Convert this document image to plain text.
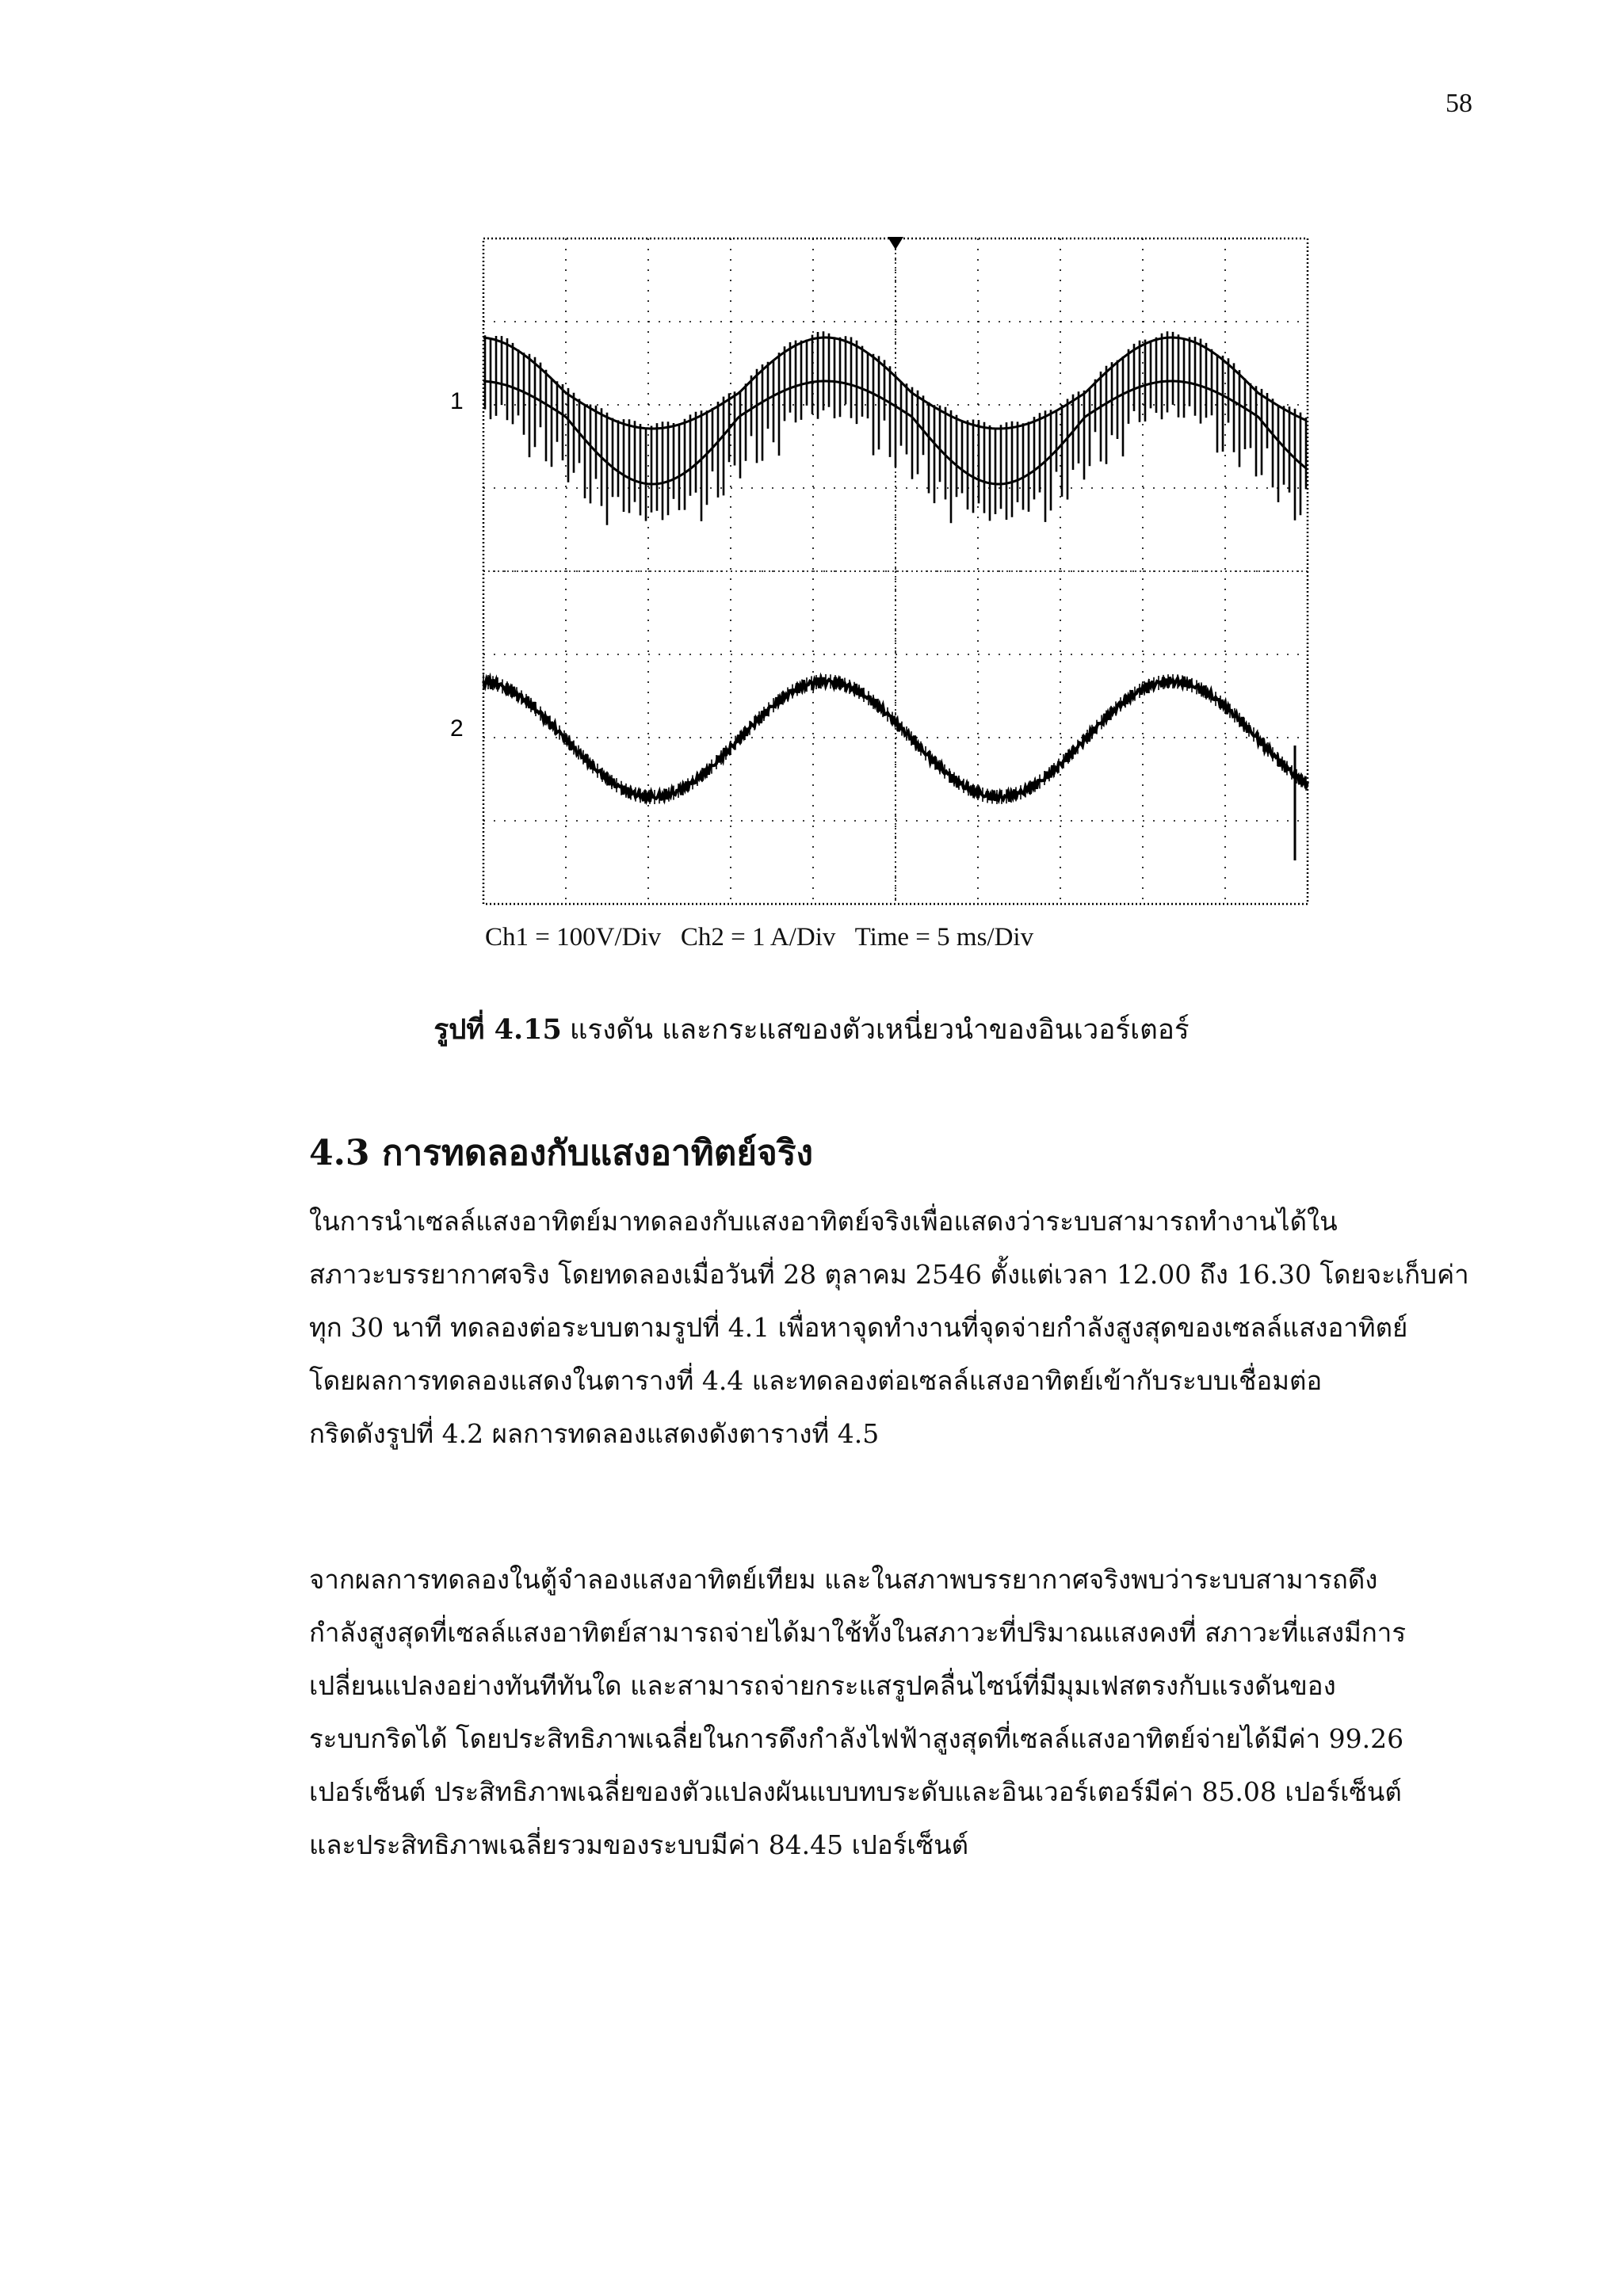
58
1
2
Ch1 = 100V/Div   Ch2 = 1 A/Div   Time = 5 ms/Div
รูปที่ 4.15 แรงดัน และกระแสของตัวเหนี่ยวนำของอินเวอร์เตอร์
4.3 การทดลองกับแสงอาทิตย์จริง
ในการนำเซลล์แสงอาทิตย์มาทดลองกับแสงอาทิตย์จริงเพื่อแสดงว่าระบบสามารถทำงานได้ใน
สภาวะบรรยากาศจริง โดยทดลองเมื่อวันที่ 28 ตุลาคม 2546 ตั้งแต่เวลา 12.00 ถึง 16.30 โดยจะเก็บค่า
ทุก 30 นาที ทดลองต่อระบบตามรูปที่ 4.1 เพื่อหาจุดทำงานที่จุดจ่ายกำลังสูงสุดของเซลล์แสงอาทิตย์
โดยผลการทดลองแสดงในตารางที่ 4.4 และทดลองต่อเซลล์แสงอาทิตย์เข้ากับระบบเชื่อมต่อ
กริดดังรูปที่ 4.2 ผลการทดลองแสดงดังตารางที่ 4.5
จากผลการทดลองในตู้จำลองแสงอาทิตย์เทียม และในสภาพบรรยากาศจริงพบว่าระบบสามารถดึง
กำลังสูงสุดที่เซลล์แสงอาทิตย์สามารถจ่ายได้มาใช้ทั้งในสภาวะที่ปริมาณแสงคงที่ สภาวะที่แสงมีการ
เปลี่ยนแปลงอย่างทันทีทันใด และสามารถจ่ายกระแสรูปคลื่นไซน์ที่มีมุมเฟสตรงกับแรงดันของ
ระบบกริดได้ โดยประสิทธิภาพเฉลี่ยในการดึงกำลังไฟฟ้าสูงสุดที่เซลล์แสงอาทิตย์จ่ายได้มีค่า 99.26
เปอร์เซ็นต์ ประสิทธิภาพเฉลี่ยของตัวแปลงผันแบบทบระดับและอินเวอร์เตอร์มีค่า 85.08 เปอร์เซ็นต์
และประสิทธิภาพเฉลี่ยรวมของระบบมีค่า 84.45 เปอร์เซ็นต์
